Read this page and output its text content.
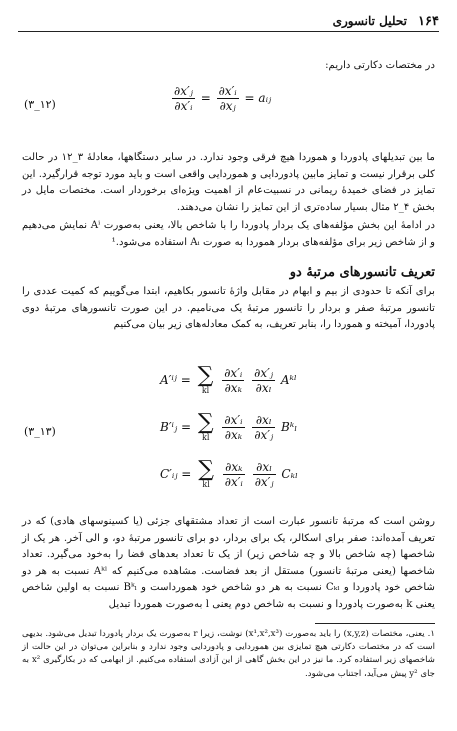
۱۶۴ تحلیل تانسوری
در مختصات دکارتی داریم:
$\frac{\text{∂x′ⱼ}}{\text{∂x′ᵢ}} = \frac{\text{∂x′ᵢ}}{\text{∂xⱼ}}$ = aᵢⱼ
(۱۲_۳)
ما بین تبدیلهای پادوردا و هموردا هیچ فرقی وجود ندارد. در سایر دستگاهها، معادلهٔ ۳_۱۲ در حالت کلی برقرار نیست و تمایز مابین پادوردایی و هموردایی واقعی است و باید مورد توجه قرارگیرد. این تمایز در فضای خمیدهٔ ریمانی در نسبیت‌عام از اهمیت ویژه‌ای برخوردار است. مختصات مایل در بخش ۴_۲ مثال بسیار ساده‌تری از این تمایز را نشان می‌دهند.
در ادامهٔ این بخش مؤلفه‌های یک بردار پادوردا را با شاخص بالا، یعنی به‌صورت Aⁱ نمایش می‌دهیم و از شاخص زیر برای مؤلفه‌های بردار هموردا به صورت Aᵢ استفاده می‌شود.¹
تعریف تانسورهای مرتبهٔ دو
برای آنکه تا حدودی از بیم و ابهام در مقابل واژهٔ تانسور بکاهیم، ابتدا می‌گوییم که کمیت عددی را تانسور مرتبهٔ صفر و بردار را تانسور مرتبهٔ یک می‌نامیم. در این صورت تانسورهای مرتبهٔ دوی پادوردا، آمیخته و هموردا را، بنابر تعریف، به کمک معادله‌های زیر بیان می‌کنیم
A′ⁱʲ = ∑
kl
	$\frac{\text{∂x′ᵢ}}{\text{∂xₖ}}$
$\frac{\text{∂x′ⱼ}}{\text{∂xₗ}}$ Aᵏˡ
B′ⁱⱼ = ∑
kl
	$\frac{\text{∂x′ᵢ}}{\text{∂xₖ}}$
$\frac{\text{∂xₗ}}{\text{∂x′ⱼ}}$ Bᵏₗ
(۱۳_۳)
C′ᵢⱼ = ∑
kl
	$\frac{\text{∂xₖ}}{\text{∂x′ᵢ}}$
$\frac{\text{∂xₗ}}{\text{∂x′ⱼ}}$ Cₖₗ
روشن است که مرتبهٔ تانسور عبارت است از تعداد مشتقهای جزئی (یا کسینوسهای هادی) که در تعریف آمده‌اند: صفر برای اسکالر، یک برای بردار، دو برای تانسور مرتبهٔ دو، و الی آخر. هر یک از شاخصها (چه شاخص بالا و چه شاخص زیر) از یک تا تعداد بعدهای فضا را به‌خود می‌گیرد. تعداد شاخصها (یعنی مرتبهٔ تانسور) مستقل از بعد فضاست. مشاهده می‌کنیم که Aᵏˡ نسبت به هر دو شاخص خود پادوردا و Cₖₗ نسبت به هر دو شاخص خود هموردا‌ست و Bᵏₗ نسبت به اولین شاخص یعنی k به‌صورت پادوردا و نسبت به شاخص دوم یعنی l به‌صورت هموردا تبدیل
۱. یعنی، مختصات (x,y,z) را باید به‌صورت (x¹,x²,x³) نوشت، زیرا r به‌صورت یک بردار پادوردا تبدیل می‌شود. بدیهی است که در مختصات دکارتی هیچ تمایزی بین هموردایی و پادوردایی وجود ندارد و بنابراین می‌توان در این حالت از شاخصهای زیر استفاده کرد. ما نیز در این بخش گاهی از این آزادی استفاده می‌کنیم. از ابهامی که در بکارگیری x² به جای y² پیش می‌آید، اجتناب می‌شود.
